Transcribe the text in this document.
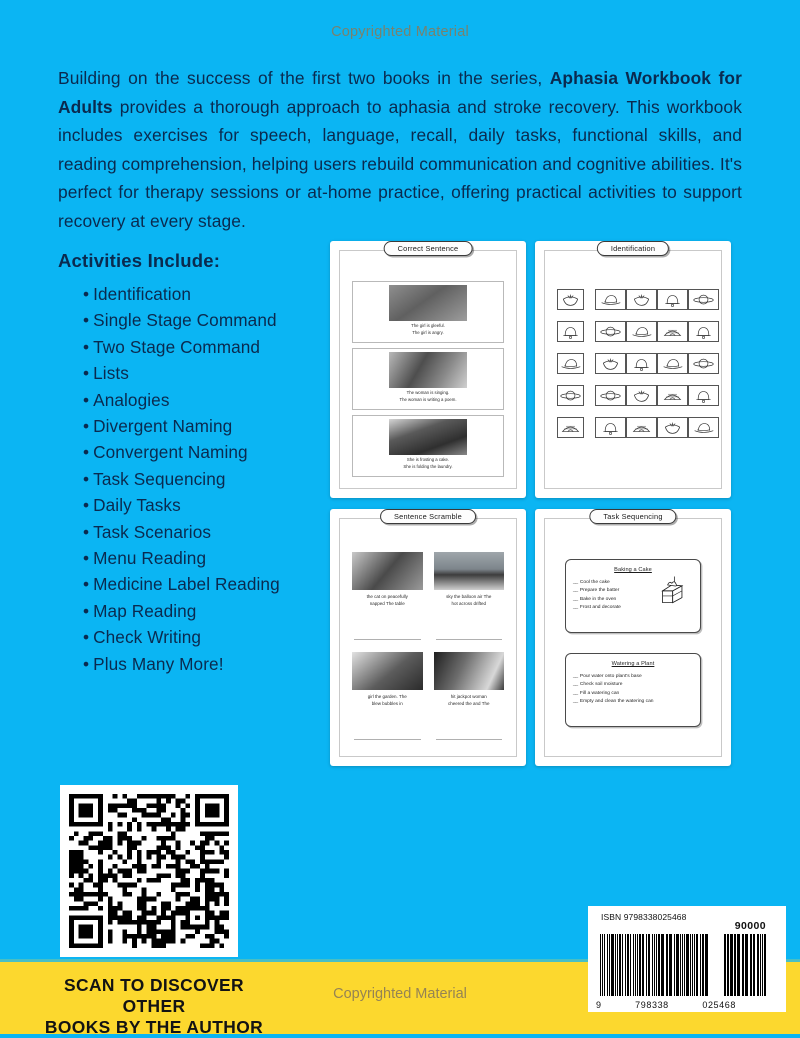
Copyrighted Material

Building on the success of the first two books in the series, Aphasia Workbook for Adults provides a thorough approach to aphasia and stroke recovery. This workbook includes exercises for speech, language, recall, daily tasks, functional skills, and reading comprehension, helping users rebuild communication and cognitive abilities. It's perfect for therapy sessions or at-home practice, offering practical activities to support recovery at every stage.

Activities Include:
• Identification
• Single Stage Command
• Two Stage Command
• Lists
• Analogies
• Divergent Naming
• Convergent Naming
• Task Sequencing
• Daily Tasks
• Task Scenarios
• Menu Reading
• Medicine Label Reading
• Map Reading
• Check Writing
• Plus Many More!
Correct Sentence
The girl is gleeful.
The girl is angry.
The woman is singing.
The woman is writing a poem.
She is frosting a cake.
She is folding the laundry.
Identification
Sentence Scramble
the cat on peacefully
napped The table
sky the balloon air The
hot across drifted
girl the garden. The
blew bubbles in
hit jackpot woman
cheered the and The
Task Sequencing
Baking a Cake
__ Cool the cake
__ Prepare the batter
__ Bake in the oven
__ Frost and decorate
Watering a Plant
__ Pour water onto plant's base
__ Check soil moisture
__ Fill a watering can
__ Empty and clean the watering can
SCAN TO DISCOVER OTHER
BOOKS BY THE AUTHOR
Copyrighted Material
ISBN 9798338025468
90000
9	798338	025468
